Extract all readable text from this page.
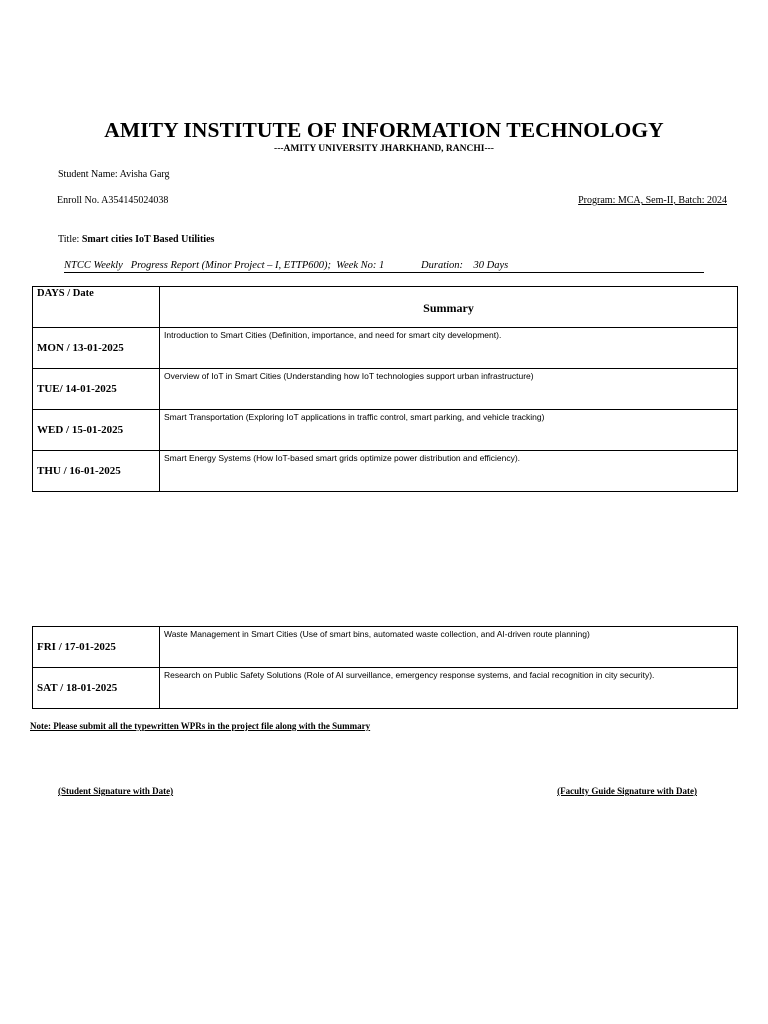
AMITY INSTITUTE OF INFORMATION TECHNOLOGY
---AMITY UNIVERSITY JHARKHAND, RANCHI---
Student Name: Avisha Garg
Enroll No. A354145024038	Program: MCA, Sem-II, Batch: 2024
Title: Smart cities IoT Based Utilities
NTCC Weekly   Progress Report (Minor Project – I, ETTP600);  Week No: 1              Duration:    30 Days
DAYS / Date	Summary
MON / 13-01-2025	Introduction to Smart Cities (Definition, importance, and need for smart city development).
TUE/ 14-01-2025	Overview of IoT in Smart Cities (Understanding how IoT technologies support urban infrastructure)
WED / 15-01-2025	Smart Transportation (Exploring IoT applications in traffic control, smart parking, and vehicle tracking)
THU / 16-01-2025	Smart Energy Systems (How IoT-based smart grids optimize power distribution and efficiency).
FRI / 17-01-2025	Waste Management in Smart Cities (Use of smart bins, automated waste collection, and AI-driven route planning)
SAT / 18-01-2025	Research on Public Safety Solutions (Role of AI surveillance, emergency response systems, and facial recognition in city security).
Note: Please submit all the typewritten WPRs in the project file along with the Summary
(Student Signature with Date)	(Faculty Guide Signature with Date)
